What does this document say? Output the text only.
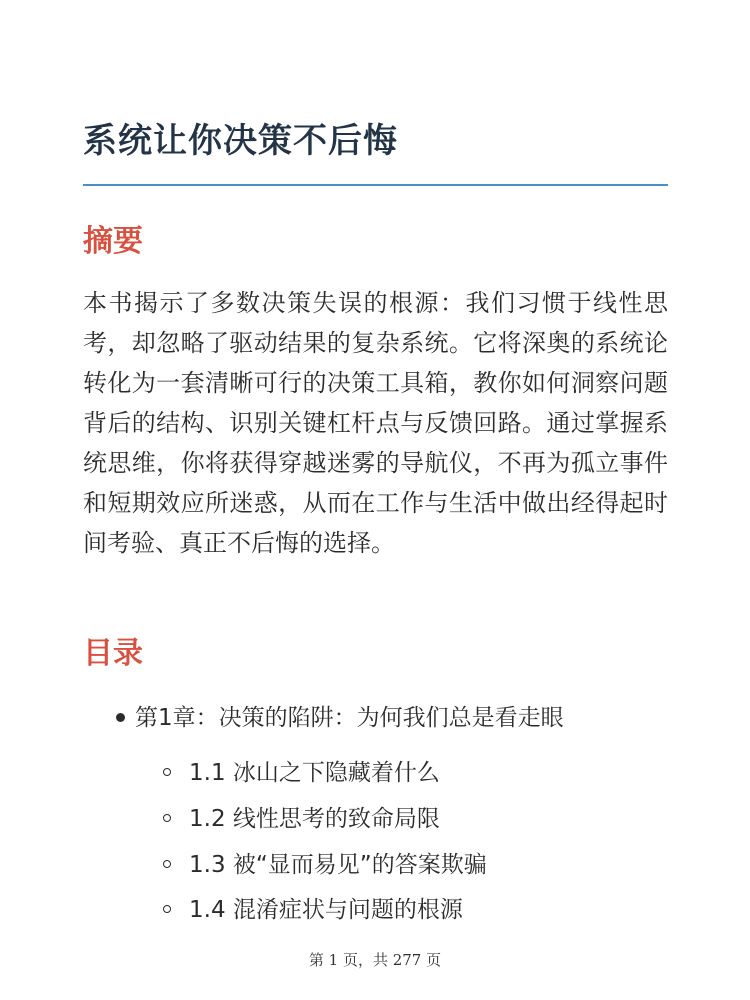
系统让你决策不后悔
摘要

本书揭示了多数决策失误的根源：我们习惯于线性思考，却忽略了驱动结果的复杂系统。它将深奥的系统论转化为一套清晰可行的决策工具箱，教你如何洞察问题背后的结构、识别关键杠杆点与反馈回路。通过掌握系统思维，你将获得穿越迷雾的导航仪，不再为孤立事件和短期效应所迷惑，从而在工作与生活中做出经得起时间考验、真正不后悔的选择。

目录
第1章：决策的陷阱：为何我们总是看走眼
1.1 冰山之下隐藏着什么
1.2 线性思考的致命局限
1.3 被“显而易见”的答案欺骗
1.4 混淆症状与问题的根源
第 1 页，共 277 页
